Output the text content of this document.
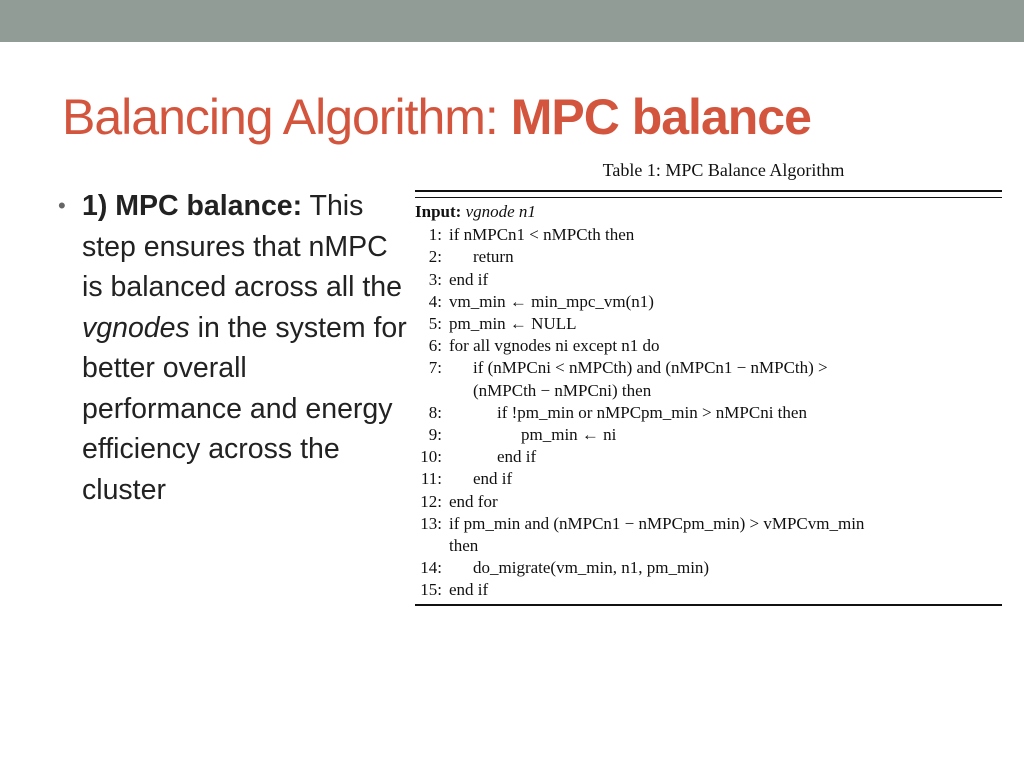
Balancing Algorithm: MPC balance
• 1) MPC balance: This step ensures that nMPC is balanced across all the vgnodes in the system for better overall performance and energy efficiency across the cluster
Table 1: MPC Balance Algorithm
Input:
vgnode n1
1: if nMPCn1 < nMPCth then
2:	return
3: end if
4: vm_min ← min_mpc_vm(n1)
5: pm_min ← NULL
6: for all vgnodes ni except n1 do
7:	if (nMPCni < nMPCth) and (nMPCn1 − nMPCth) >
(nMPCth − nMPCni) then
8:	if !pm_min or nMPCpm_min > nMPCni then
9:	pm_min ← ni
10:	end if
11:	end if
12: end for
13: if pm_min and (nMPCn1 − nMPCpm_min) > vMPCvm_min
then
14:	do_migrate(vm_min, n1, pm_min)
15: end if
